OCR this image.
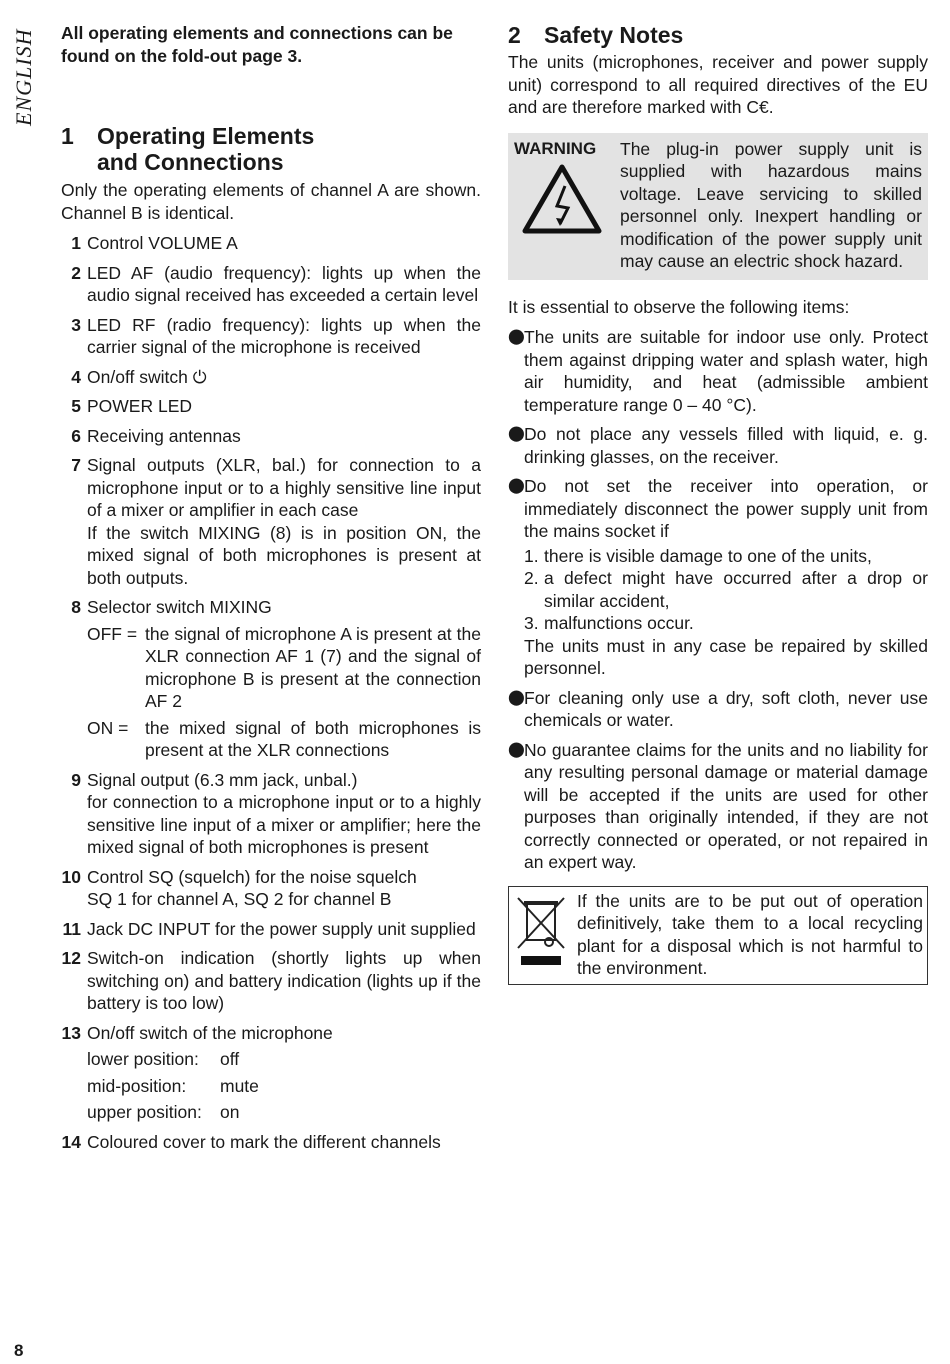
ENGLISH All operating elements and connections can be found on the fold-out page 3.

1 Operating Elements
and Connections

Only the operating elements of channel A are shown. Channel B is identical.

1 Control VOLUME A
2 LED AF (audio frequency): lights up when the audio signal received has exceeded a certain level
3 LED RF (radio frequency): lights up when the carrier signal of the microphone is received
4 On/off switch ⏻
5 POWER LED
6 Receiving antennas
7 Signal outputs (XLR, bal.) for connection to a microphone input or to a highly sensitive line input of a mixer or amplifier in each case
If the switch MIXING (8) is in position ON, the mixed signal of both microphones is present at both outputs.
8 Selector switch MIXING
OFF = the signal of microphone A is present at the XLR connection AF 1 (7) and the signal of microphone B is present at the connection AF 2
ON = the mixed signal of both microphones is present at the XLR connections
9 Signal output (6.3 mm jack, unbal.)
for connection to a microphone input or to a highly sensitive line input of a mixer or amplifier; here the mixed signal of both microphones is present
10 Control SQ (squelch) for the noise squelch
SQ 1 for channel A, SQ 2 for channel B
11 Jack DC INPUT for the power supply unit supplied
12 Switch-on indication (shortly lights up when switching on) and battery indication (lights up if the battery is too low)
13 On/off switch of the microphone
lower position:	off
mid-position:	mute
upper position:	on
14 Coloured cover to mark the different channels
2 Safety Notes

The units (microphones, receiver and power supply unit) correspond to all required directives of the EU and are therefore marked with C€.

WARNING	The plug-in power supply unit is supplied with hazardous mains voltage. Leave servicing to skilled personnel only. Inexpert handling or modification of the power supply unit may cause an electric shock hazard.

It is essential to observe the following items:

⬤ The units are suitable for indoor use only. Protect them against dripping water and splash water, high air humidity, and heat (admissible ambient temperature range 0 – 40 °C).
⬤ Do not place any vessels filled with liquid, e. g. drinking glasses, on the receiver.
⬤ Do not set the receiver into operation, or immediately disconnect the power supply unit from the mains socket if
1. there is visible damage to one of the units,
2. a defect might have occurred after a drop or similar accident,
3. malfunctions occur.
The units must in any case be repaired by skilled personnel.
⬤ For cleaning only use a dry, soft cloth, never use chemicals or water.
⬤ No guarantee claims for the units and no liability for any resulting personal damage or material damage will be accepted if the units are used for other purposes than originally intended, if they are not correctly connected or operated, or not repaired in an expert way.
If the units are to be put out of operation definitively, take them to a local recycling plant for a disposal which is not harmful to the environment.
8
